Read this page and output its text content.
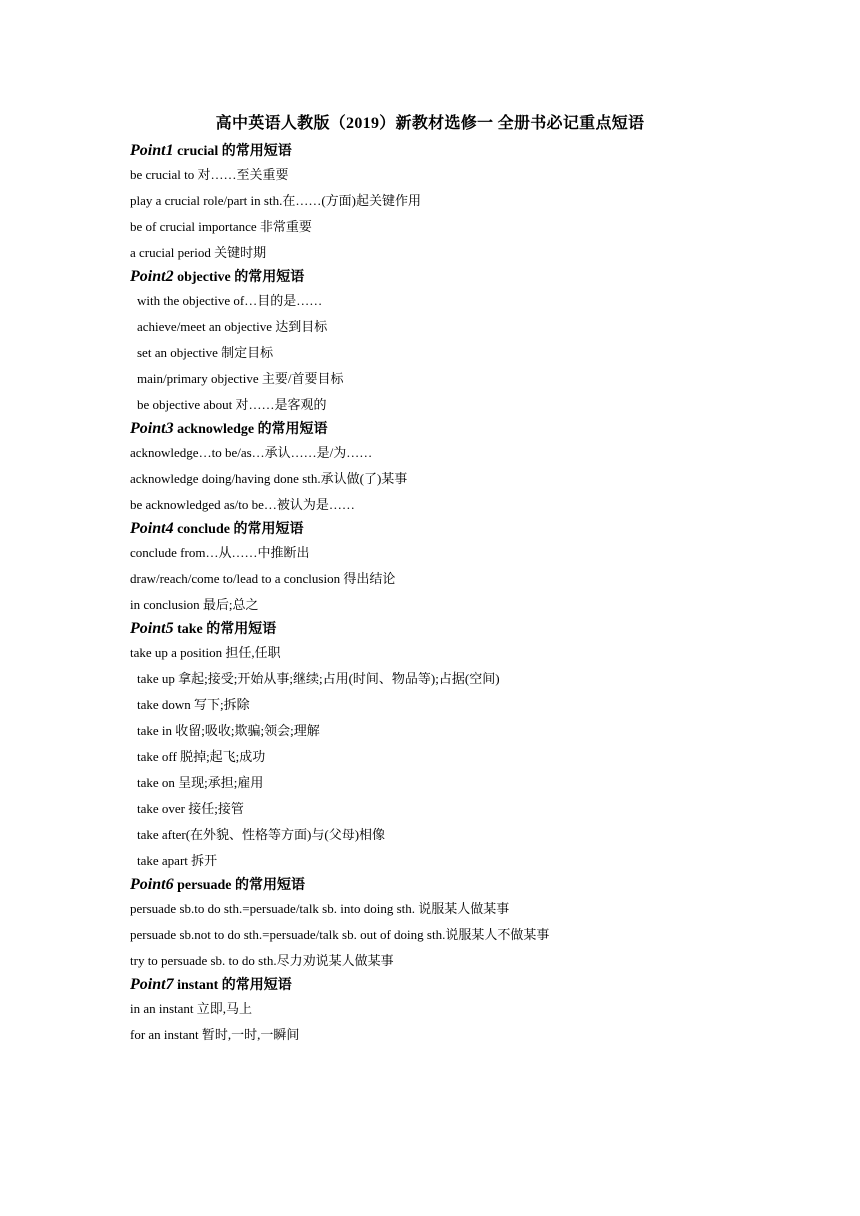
高中英语人教版（2019）新教材选修一 全册书必记重点短语
Point1 crucial 的常用短语
be crucial to 对……至关重要
play a crucial role/part in sth.在……(方面)起关键作用
be of crucial importance 非常重要
a crucial period 关键时期
Point2 objective 的常用短语
with the objective of…目的是……
achieve/meet an objective 达到目标
set an objective 制定目标
main/primary objective 主要/首要目标
be objective about 对……是客观的
Point3 acknowledge 的常用短语
acknowledge…to be/as…承认……是/为……
acknowledge doing/having done sth.承认做(了)某事
be acknowledged as/to be…被认为是……
Point4 conclude 的常用短语
conclude from…从……中推断出
draw/reach/come to/lead to a conclusion 得出结论
in conclusion 最后;总之
Point5 take 的常用短语
take up a position 担任,任职
take up 拿起;接受;开始从事;继续;占用(时间、物品等);占据(空间)
take down 写下;拆除
take in 收留;吸收;欺骗;领会;理解
take off 脱掉;起飞;成功
take on 呈现;承担;雇用
take over 接任;接管
take after(在外貌、性格等方面)与(父母)相像
take apart 拆开
Point6 persuade 的常用短语
persuade sb.to do sth.=persuade/talk sb. into doing sth. 说服某人做某事
persuade sb.not to do sth.=persuade/talk sb. out of doing sth.说服某人不做某事
try to persuade sb. to do sth.尽力劝说某人做某事
Point7 instant 的常用短语
in an instant 立即,马上
for an instant 暂时,一时,一瞬间
